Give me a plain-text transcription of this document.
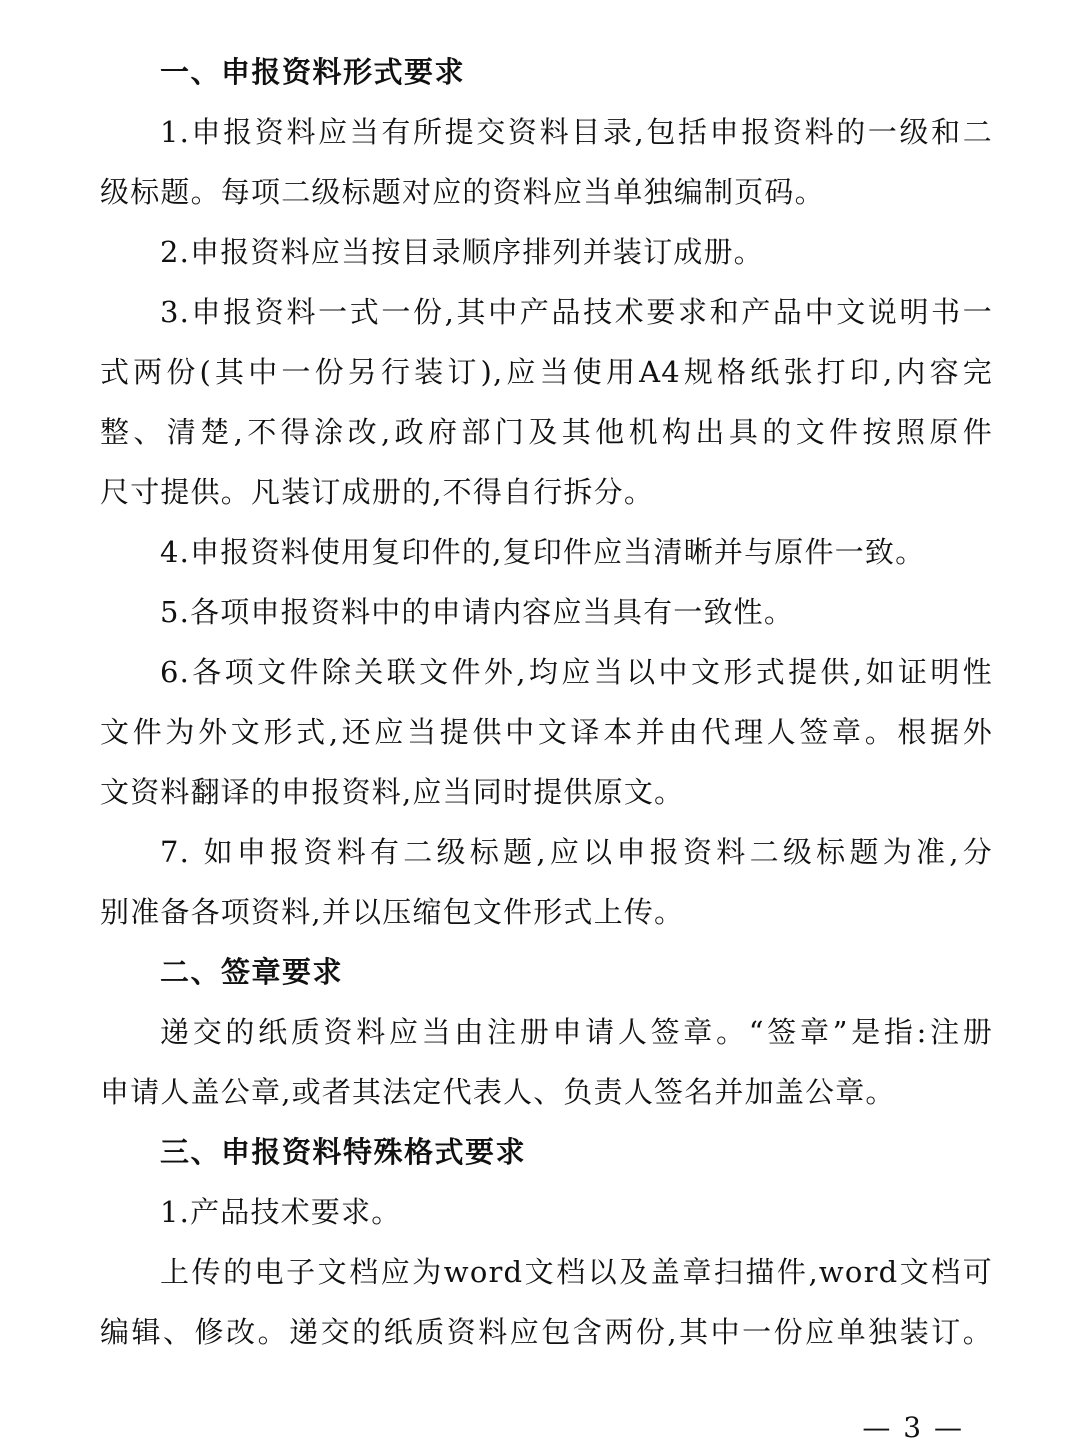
一、申报资料形式要求
1.申报资料应当有所提交资料目录,包括申报资料的一级和二
级标题。每项二级标题对应的资料应当单独编制页码。
2.申报资料应当按目录顺序排列并装订成册。
3.申报资料一式一份,其中产品技术要求和产品中文说明书一
式两份(其中一份另行装订),应当使用A4规格纸张打印,内容完
整、清楚,不得涂改,政府部门及其他机构出具的文件按照原件
尺寸提供。凡装订成册的,不得自行拆分。
4.申报资料使用复印件的,复印件应当清晰并与原件一致。
5.各项申报资料中的申请内容应当具有一致性。
6.各项文件除关联文件外,均应当以中文形式提供,如证明性
文件为外文形式,还应当提供中文译本并由代理人签章。根据外
文资料翻译的申报资料,应当同时提供原文。
7. 如申报资料有二级标题,应以申报资料二级标题为准,分
别准备各项资料,并以压缩包文件形式上传。
二、签章要求
递交的纸质资料应当由注册申请人签章。“签章”是指:注册
申请人盖公章,或者其法定代表人、负责人签名并加盖公章。
三、申报资料特殊格式要求
1.产品技术要求。
上传的电子文档应为word文档以及盖章扫描件,word文档可
编辑、修改。递交的纸质资料应包含两份,其中一份应单独装订。
— 3 —
